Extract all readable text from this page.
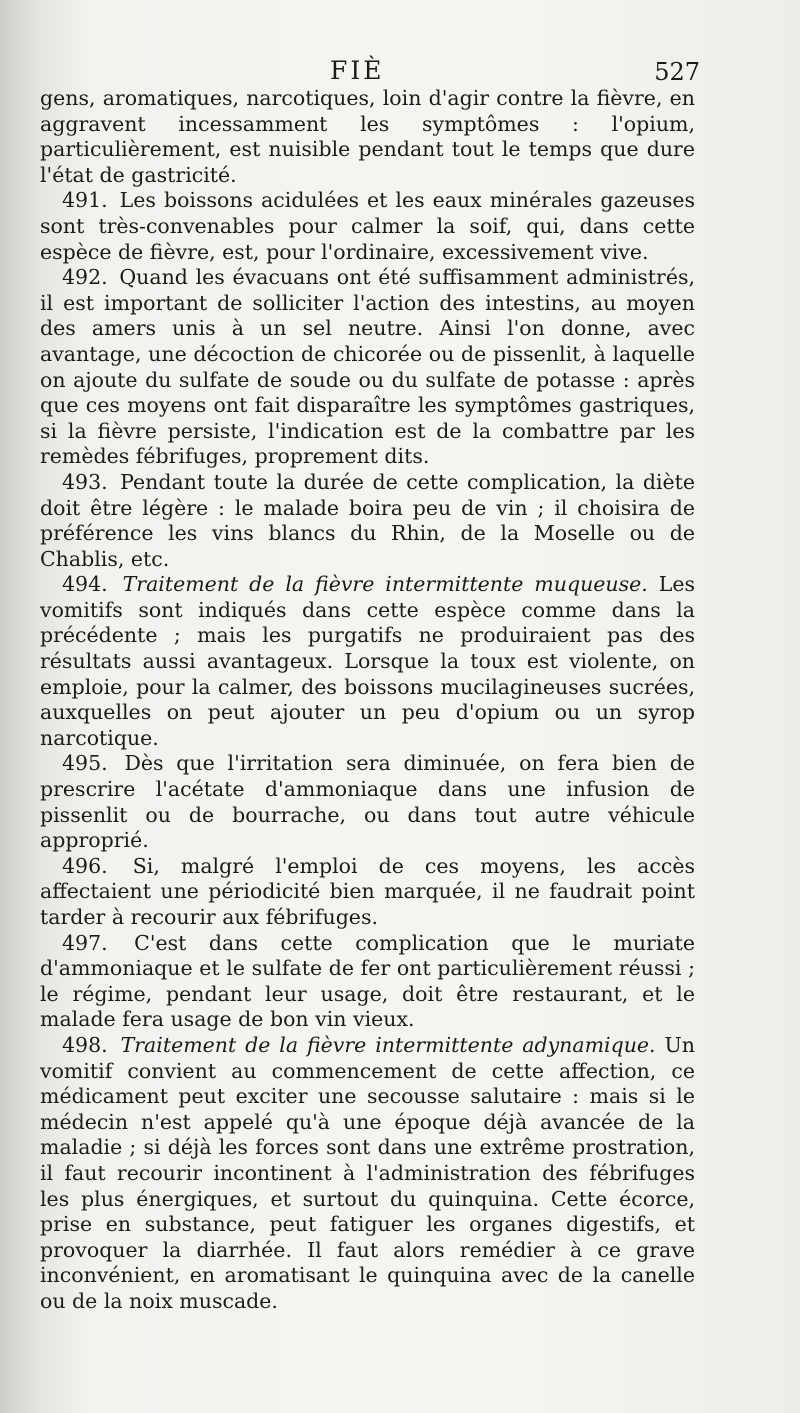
FIÈ	527

gens, aromatiques, narcotiques, loin d'agir contre la fièvre, en aggravent incessamment les symptômes : l'opium, particulièrement, est nuisible pendant tout le temps que dure l'état de gastricité.

491. Les boissons acidulées et les eaux minérales gazeuses sont très-convenables pour calmer la soif, qui, dans cette espèce de fièvre, est, pour l'ordinaire, excessivement vive.

492. Quand les évacuans ont été suffisamment administrés, il est important de solliciter l'action des intestins, au moyen des amers unis à un sel neutre. Ainsi l'on donne, avec avantage, une décoction de chicorée ou de pissenlit, à laquelle on ajoute du sulfate de soude ou du sulfate de potasse : après que ces moyens ont fait disparaître les symptômes gastriques, si la fièvre persiste, l'indication est de la combattre par les remèdes fébrifuges, proprement dits.

493. Pendant toute la durée de cette complication, la diète doit être légère : le malade boira peu de vin ; il choisira de préférence les vins blancs du Rhin, de la Moselle ou de Chablis, etc.

494. Traitement de la fièvre intermittente muqueuse. Les vomitifs sont indiqués dans cette espèce comme dans la précédente ; mais les purgatifs ne produiraient pas des résultats aussi avantageux. Lorsque la toux est violente, on emploie, pour la calmer, des boissons mucilagineuses sucrées, auxquelles on peut ajouter un peu d'opium ou un syrop narcotique.

495. Dès que l'irritation sera diminuée, on fera bien de prescrire l'acétate d'ammoniaque dans une infusion de pissenlit ou de bourrache, ou dans tout autre véhicule approprié.

496. Si, malgré l'emploi de ces moyens, les accès affectaient une périodicité bien marquée, il ne faudrait point tarder à recourir aux fébrifuges.

497. C'est dans cette complication que le muriate d'ammoniaque et le sulfate de fer ont particulièrement réussi ; le régime, pendant leur usage, doit être restaurant, et le malade fera usage de bon vin vieux.

498. Traitement de la fièvre intermittente adynamique. Un vomitif convient au commencement de cette affection, ce médicament peut exciter une secousse salutaire : mais si le médecin n'est appelé qu'à une époque déjà avancée de la maladie ; si déjà les forces sont dans une extrême prostration, il faut recourir incontinent à l'administration des fébrifuges les plus énergiques, et surtout du quinquina. Cette écorce, prise en substance, peut fatiguer les organes digestifs, et provoquer la diarrhée. Il faut alors remédier à ce grave inconvénient, en aromatisant le quinquina avec de la canelle ou de la noix muscade.
